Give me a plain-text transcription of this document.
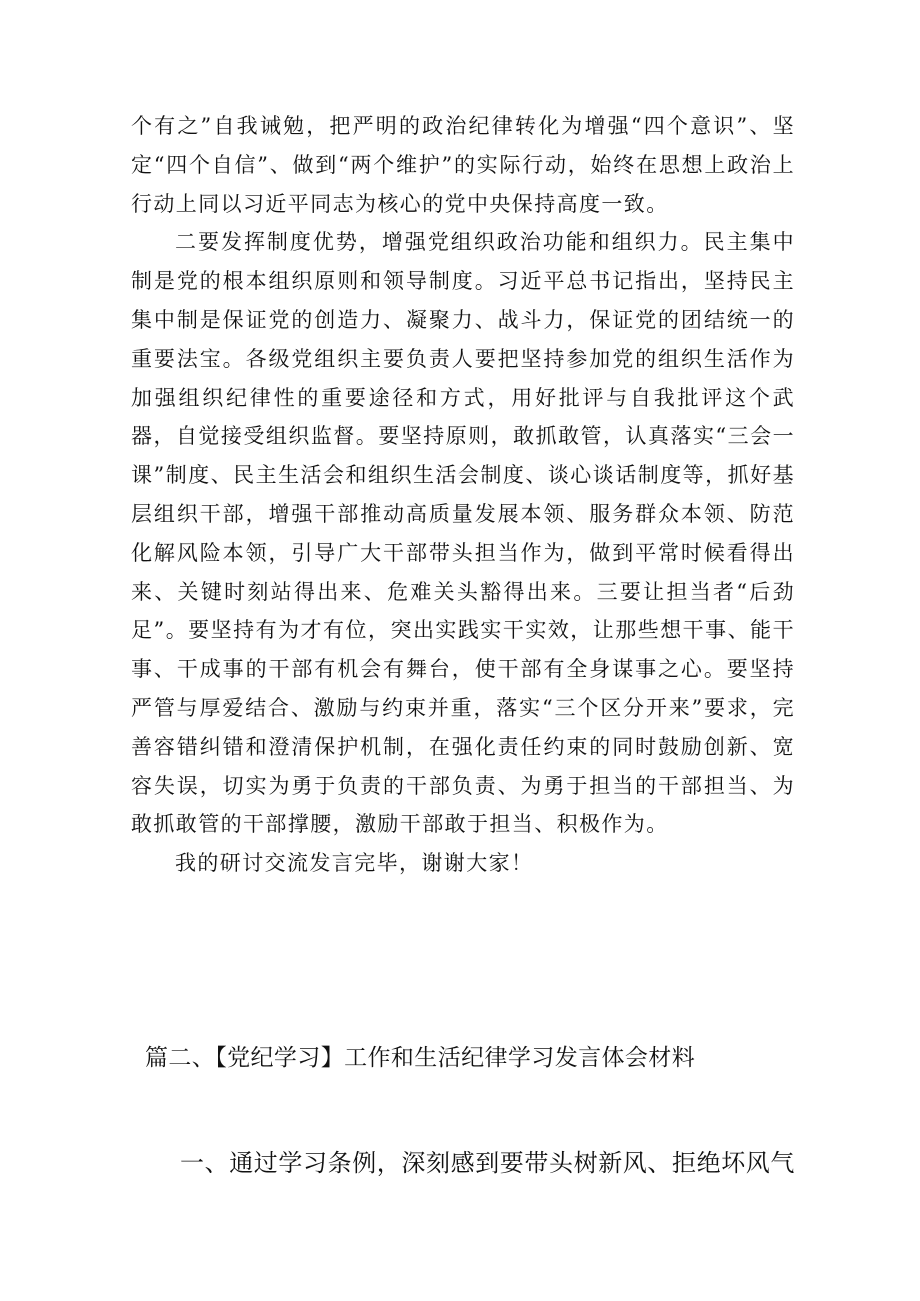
个有之”自我诫勉，把严明的政治纪律转化为增强“四个意识”、坚定“四个自信”、做到“两个维护”的实际行动，始终在思想上政治上行动上同以习近平同志为核心的党中央保持高度一致。

二要发挥制度优势，增强党组织政治功能和组织力。民主集中制是党的根本组织原则和领导制度。习近平总书记指出，坚持民主集中制是保证党的创造力、凝聚力、战斗力，保证党的团结统一的重要法宝。各级党组织主要负责人要把坚持参加党的组织生活作为加强组织纪律性的重要途径和方式，用好批评与自我批评这个武器，自觉接受组织监督。要坚持原则，敢抓敢管，认真落实“三会一课”制度、民主生活会和组织生活会制度、谈心谈话制度等，抓好基层组织干部，增强干部推动高质量发展本领、服务群众本领、防范化解风险本领，引导广大干部带头担当作为，做到平常时候看得出来、关键时刻站得出来、危难关头豁得出来。三要让担当者“后劲足”。要坚持有为才有位，突出实践实干实效，让那些想干事、能干事、干成事的干部有机会有舞台，使干部有全身谋事之心。要坚持严管与厚爱结合、激励与约束并重，落实“三个区分开来”要求，完善容错纠错和澄清保护机制，在强化责任约束的同时鼓励创新、宽容失误，切实为勇于负责的干部负责、为勇于担当的干部担当、为敢抓敢管的干部撑腰，激励干部敢于担当、积极作为。

我的研讨交流发言完毕，谢谢大家！

篇二、【党纪学习】工作和生活纪律学习发言体会材料
一、通过学习条例，深刻感到要带头树新风、拒绝坏风气
